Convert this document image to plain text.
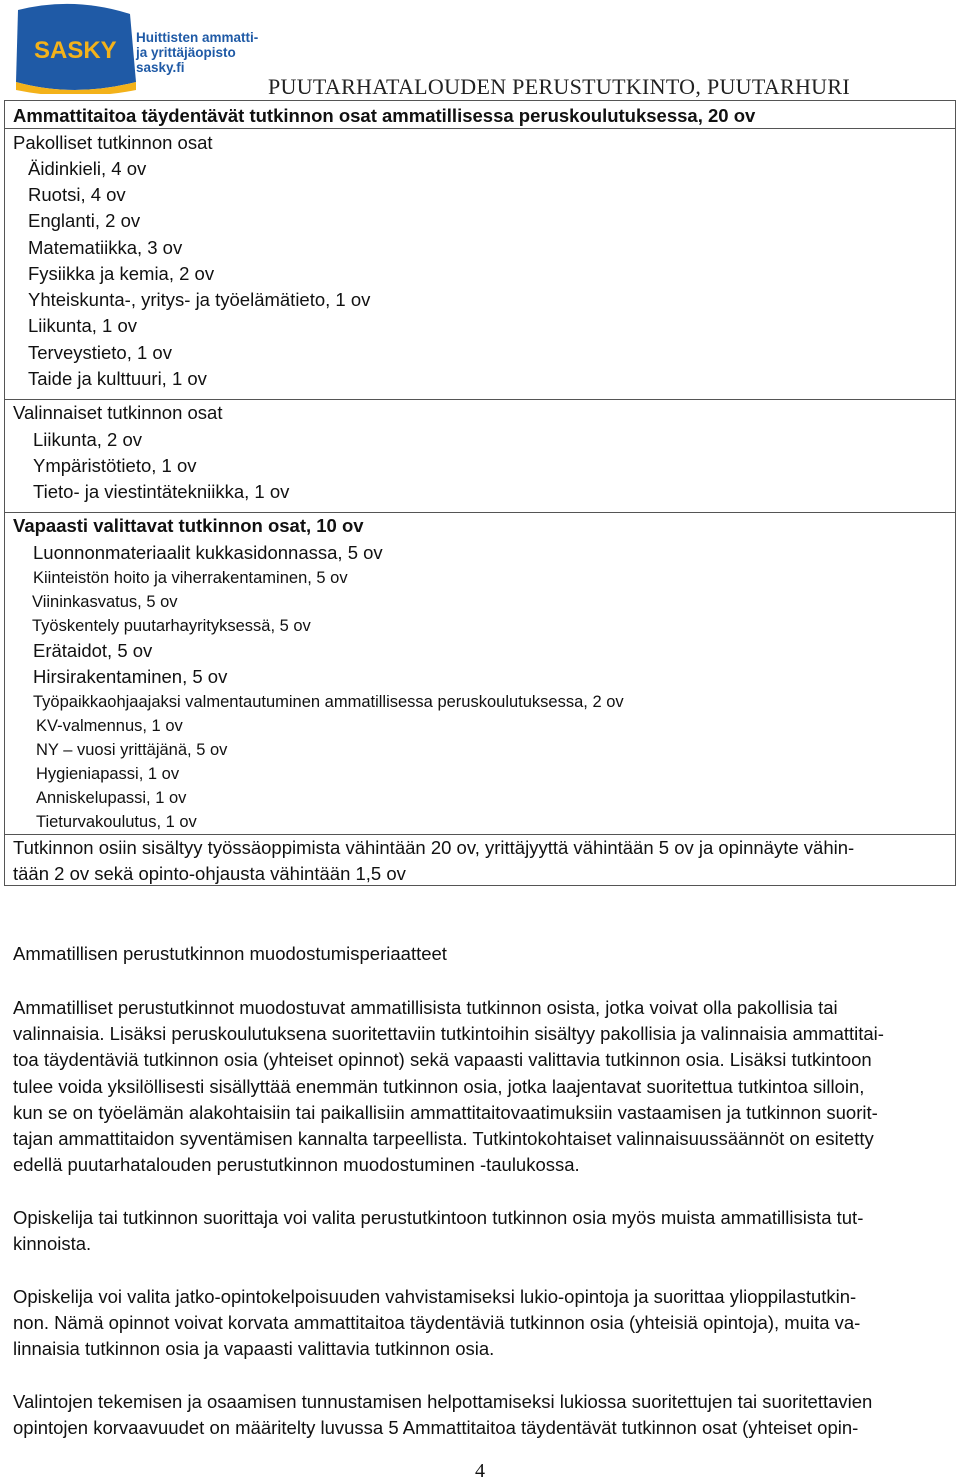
SASKY Huittisten ammatti-
ja yrittäjäopisto
sasky.fi
PUUTARHATALOUDEN PERUSTUTKINTO, PUUTARHURI
Ammattitaitoa täydentävät tutkinnon osat ammatillisessa peruskoulutuksessa, 20 ov
Pakolliset tutkinnon osat
Äidinkieli, 4 ov
Ruotsi, 4 ov
Englanti, 2 ov
Matematiikka, 3 ov
Fysiikka ja kemia, 2 ov
Yhteiskunta-, yritys- ja työelämätieto, 1 ov
Liikunta, 1 ov
Terveystieto, 1 ov
Taide ja kulttuuri, 1 ov
Valinnaiset tutkinnon osat
Liikunta, 2 ov
Ympäristötieto, 1 ov
Tieto- ja viestintätekniikka, 1 ov
Vapaasti valittavat tutkinnon osat, 10 ov
Luonnonmateriaalit kukkasidonnassa, 5 ov
Kiinteistön hoito ja viherrakentaminen, 5 ov
Viininkasvatus, 5 ov
Työskentely puutarhayrityksessä, 5 ov
Erätaidot, 5 ov
Hirsirakentaminen, 5 ov
Työpaikkaohjaajaksi valmentautuminen ammatillisessa peruskoulutuksessa, 2 ov
KV-valmennus, 1 ov
NY – vuosi yrittäjänä, 5 ov
Hygieniapassi, 1 ov
Anniskelupassi, 1 ov
Tieturvakoulutus, 1 ov
Tutkinnon osiin sisältyy työssäoppimista vähintään 20 ov, yrittäjyyttä vähintään 5 ov ja opinnäyte vähin-
tään 2 ov sekä opinto-ohjausta vähintään 1,5 ov
Ammatillisen perustutkinnon muodostumisperiaatteet
Ammatilliset perustutkinnot muodostuvat ammatillisista tutkinnon osista, jotka voivat olla pakollisia tai
valinnaisia. Lisäksi peruskoulutuksena suoritettaviin tutkintoihin sisältyy pakollisia ja valinnaisia ammattitai-
toa täydentäviä tutkinnon osia (yhteiset opinnot) sekä vapaasti valittavia tutkinnon osia. Lisäksi tutkintoon
tulee voida yksilöllisesti sisällyttää enemmän tutkinnon osia, jotka laajentavat suoritettua tutkintoa silloin,
kun se on työelämän alakohtaisiin tai paikallisiin ammattitaitovaatimuksiin vastaamisen ja tutkinnon suorit-
tajan ammattitaidon syventämisen kannalta tarpeellista. Tutkintokohtaiset valinnaisuussäännöt on esitetty
edellä puutarhatalouden perustutkinnon muodostuminen -taulukossa.
Opiskelija tai tutkinnon suorittaja voi valita perustutkintoon tutkinnon osia myös muista ammatillisista tut-
kinnoista.
Opiskelija voi valita jatko-opintokelpoisuuden vahvistamiseksi lukio-opintoja ja suorittaa ylioppilastutkin-
non. Nämä opinnot voivat korvata ammattitaitoa täydentäviä tutkinnon osia (yhteisiä opintoja), muita va-
linnaisia tutkinnon osia ja vapaasti valittavia tutkinnon osia.
Valintojen tekemisen ja osaamisen tunnustamisen helpottamiseksi lukiossa suoritettujen tai suoritettavien
opintojen korvaavuudet on määritelty luvussa 5 Ammattitaitoa täydentävät tutkinnon osat (yhteiset opin-
4
